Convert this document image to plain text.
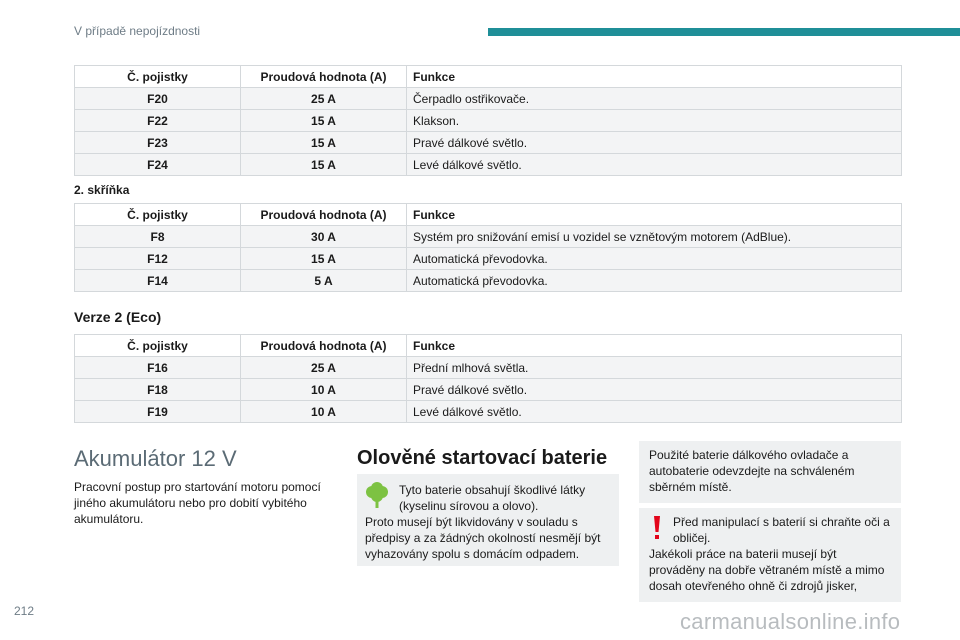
V případě nepojízdnosti
Č. pojistky	Proudová hodnota (A)	Funkce
F20	25 A	Čerpadlo ostřikovače.
F22	15 A	Klakson.
F23	15 A	Pravé dálkové světlo.
F24	15 A	Levé dálkové světlo.
2. skříňka
Č. pojistky	Proudová hodnota (A)	Funkce
F8	30 A	Systém pro snižování emisí u vozidel se vznětovým motorem (AdBlue).
F12	15 A	Automatická převodovka.
F14	5 A	Automatická převodovka.
Verze 2 (Eco)
Č. pojistky	Proudová hodnota (A)	Funkce
F16	25 A	Přední mlhová světla.
F18	10 A	Pravé dálkové světlo.
F19	10 A	Levé dálkové světlo.
Akumulátor 12 V
Pracovní postup pro startování motoru pomocí jiného akumulátoru nebo pro dobití vybitého akumulátoru.
Olověné startovací baterie
Tyto baterie obsahují škodlivé látky (kyselinu sírovou a olovo).
Proto musejí být likvidovány v souladu s předpisy a za žádných okolností nesmějí být vyhazovány spolu s domácím odpadem.
Použité baterie dálkového ovladače a autobaterie odevzdejte na schváleném sběrném místě.
Před manipulací s baterií si chraňte oči a obličej.
Jakékoli práce na baterii musejí být prováděny na dobře větraném místě a mimo dosah otevřeného ohně či zdrojů jisker,
212	carmanualsonline.info
